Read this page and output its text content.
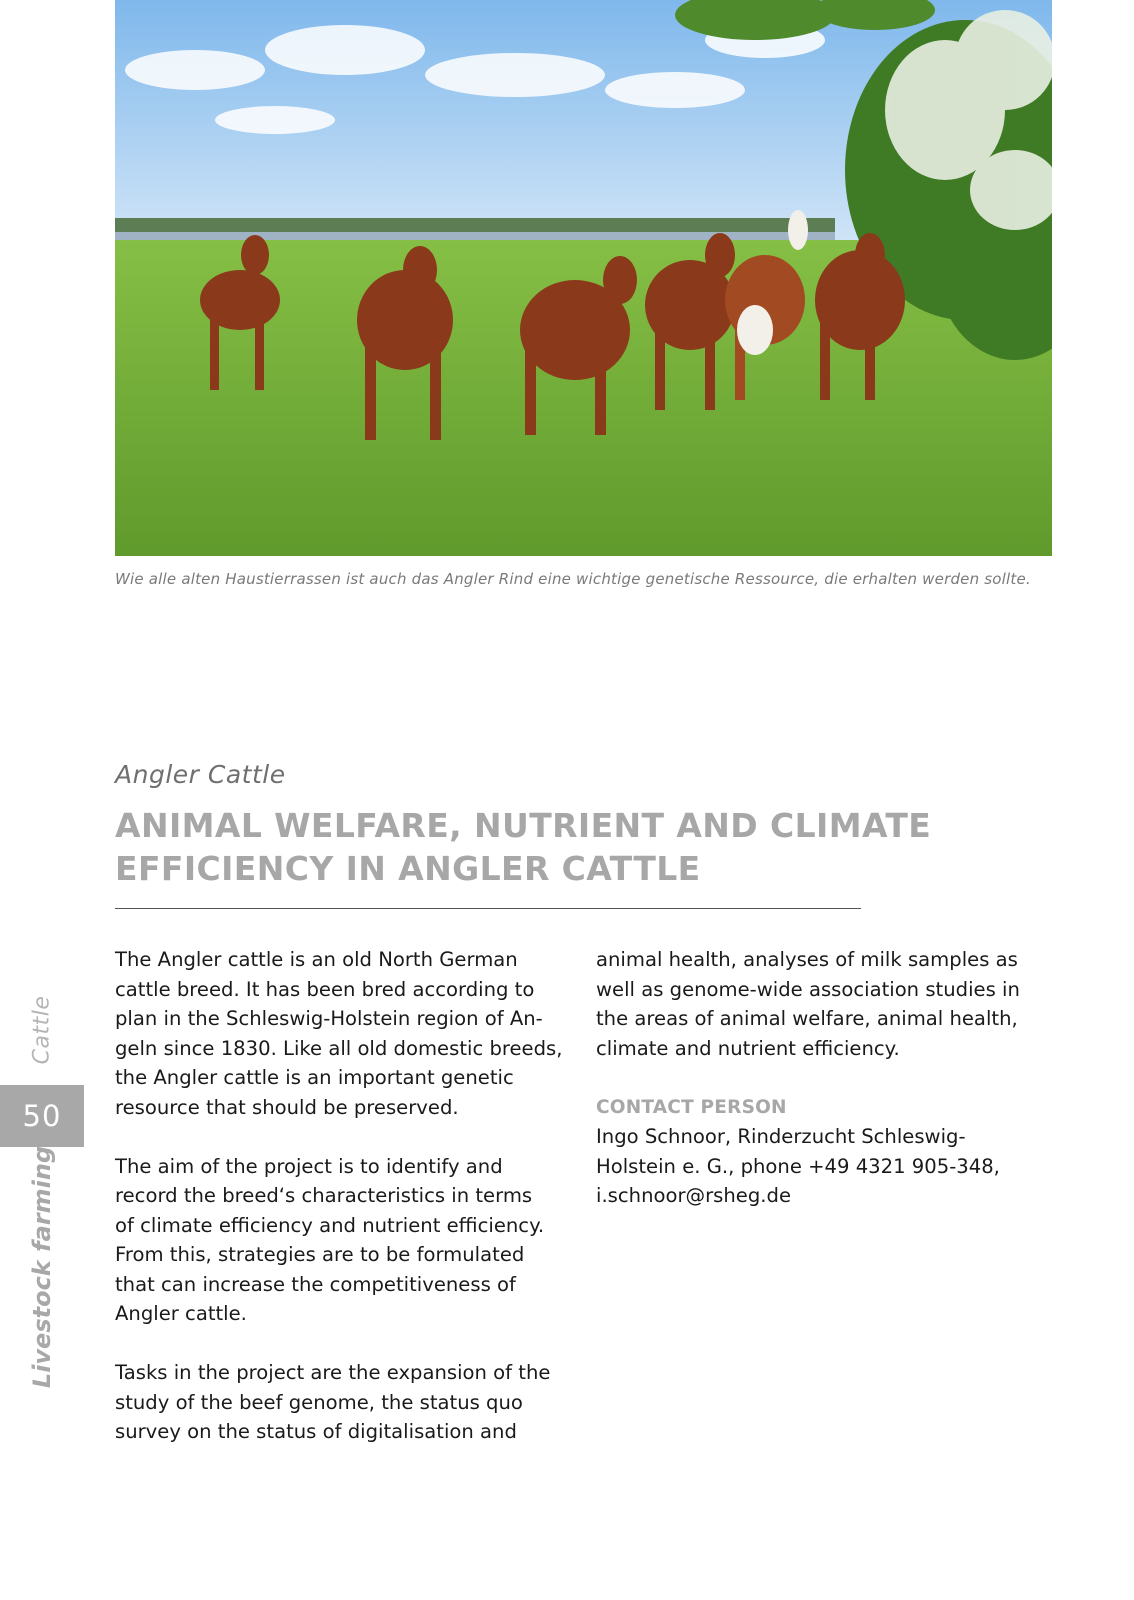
Wie alle alten Haustierrassen ist auch das Angler Rind eine wichtige genetische Ressource, die erhalten werden sollte.
Cattle
50
Livestock farming
Angler Cattle
ANIMAL WELFARE, NUTRIENT AND CLIMATE
EFFICIENCY IN ANGLER CATTLE

The Angler cattle is an old North German
cattle breed. It has been bred according to
plan in the Schleswig-Holstein region of An-
geln since 1830. Like all old domestic breeds,
the Angler cattle is an important genetic
resource that should be preserved.

The aim of the project is to identify and
record the breed‘s characteristics in terms
of climate efficiency and nutrient efficiency.
From this, strategies are to be formulated
that can increase the competitiveness of
Angler cattle.

Tasks in the project are the expansion of the
study of the beef genome, the status quo
survey on the status of digitalisation and

animal health, analyses of milk samples as
well as genome-wide association studies in
the areas of animal welfare, animal health,
climate and nutrient efficiency.

CONTACT PERSON
Ingo Schnoor, Rinderzucht Schleswig-
Holstein e. G., phone +49 4321 905-348,
i.schnoor@rsheg.de
